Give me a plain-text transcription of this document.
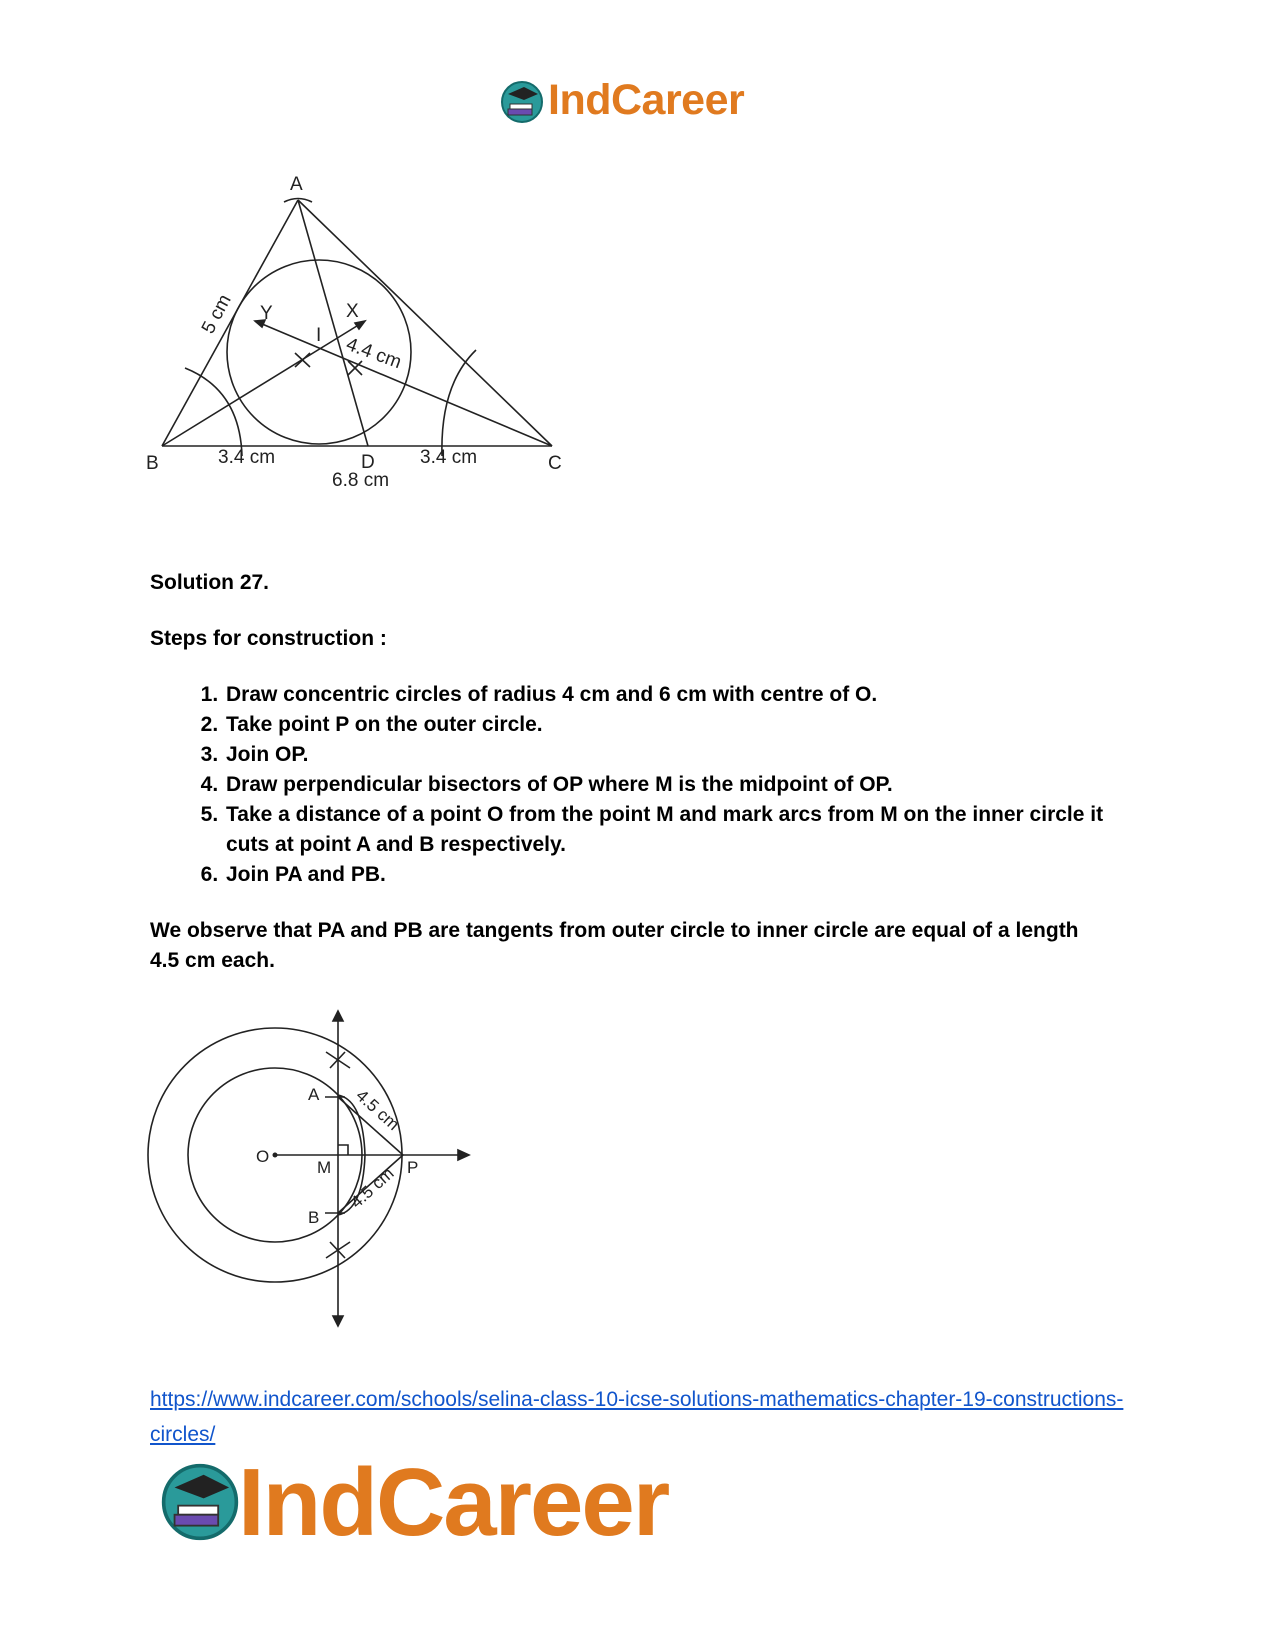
IndCareer
A
B	C
D
X
Y
I
3.4 cm	3.4 cm
6.8 cm
5 cm
4.4 cm
Solution 27.
Steps for construction :
1. Draw concentric circles of radius 4 cm and 6 cm with centre of O.
2. Take point P on the outer circle.
3. Join OP.
4. Draw perpendicular bisectors of OP where M is the midpoint of OP.
5. Take a distance of a point O from the point M and mark arcs from M on the inner circle it cuts at point A and B respectively.
6. Join PA and PB.
We observe that PA and PB are tangents from outer circle to inner circle are equal of a length 4.5 cm each.
O
M	P
A
B
4.5 cm
4.5 cm
https://www.indcareer.com/schools/selina-class-10-icse-solutions-mathematics-chapter-19-constructions-circles/
IndCareer
